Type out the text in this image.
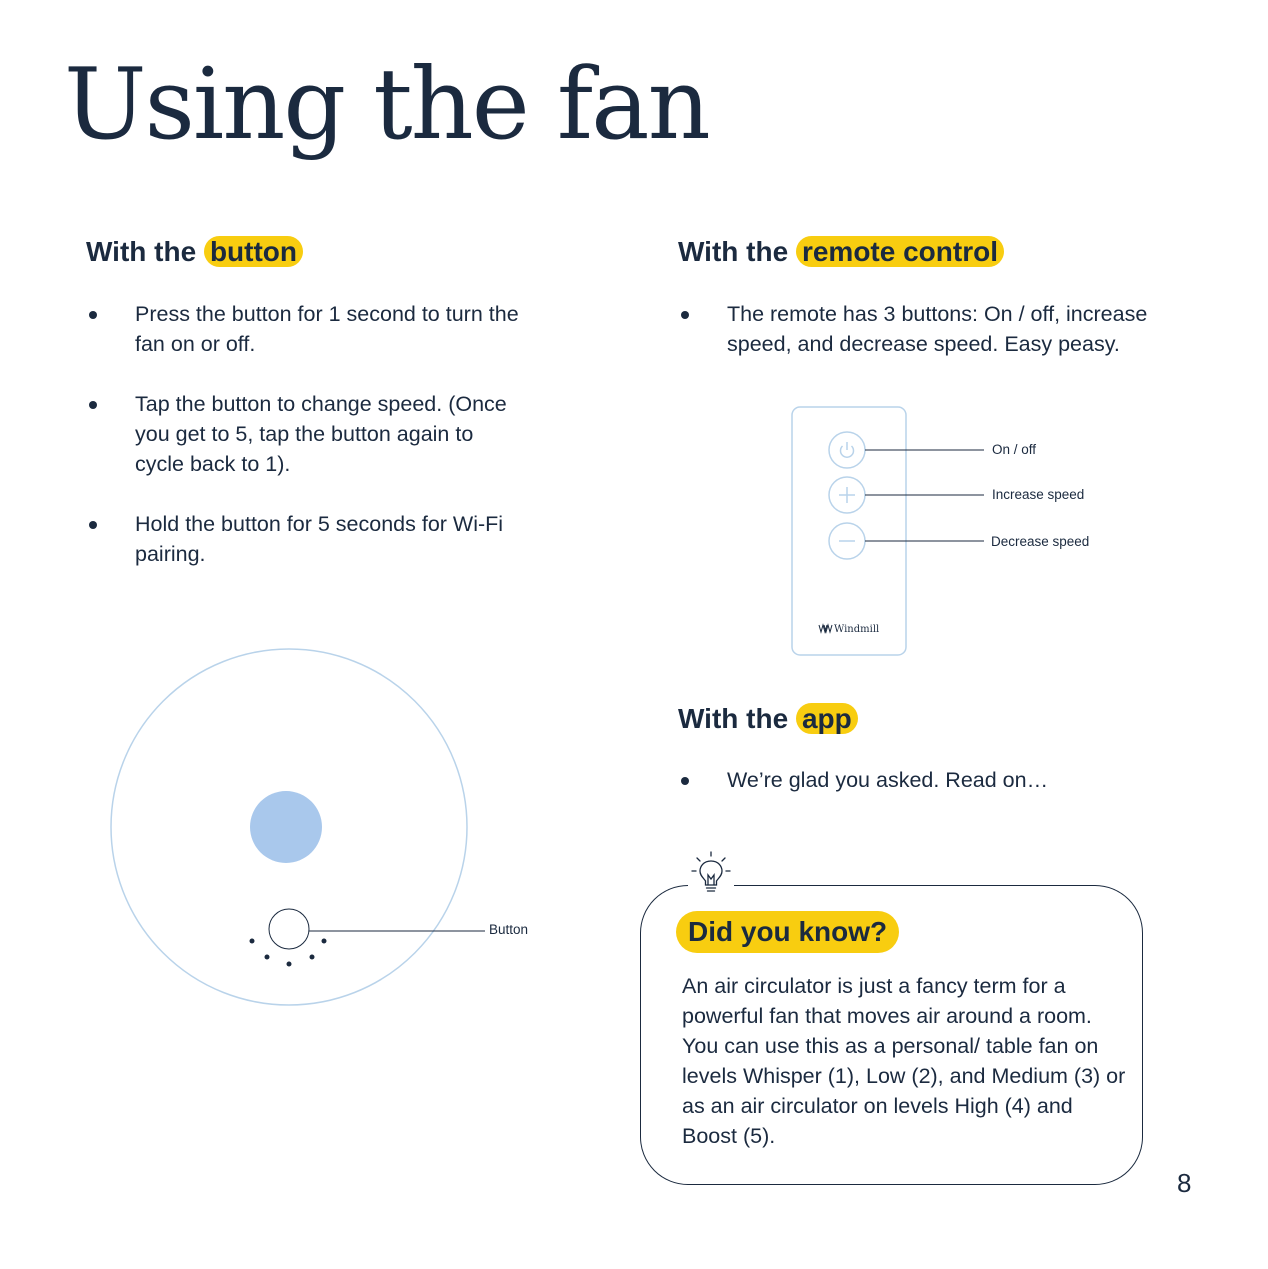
Using the fan
With the button
Press the button for 1 second to turn the fan on or off.
Tap the button to change speed. (Once you get to 5, tap the button again to cycle back to 1).
Hold the button for 5 seconds for Wi-Fi pairing.
Button
With the remote control
The remote has 3 buttons: On / off, increase speed, and decrease speed. Easy peasy.
Windmill
On / off
Increase speed
Decrease speed
With the app
We’re glad you asked. Read on…
Did you know?

An air circulator is just a fancy term for a powerful fan that moves air around a room. You can use this as a personal/ table fan on levels Whisper (1), Low (2), and Medium (3) or as an air circulator on levels High (4) and Boost (5).

8
